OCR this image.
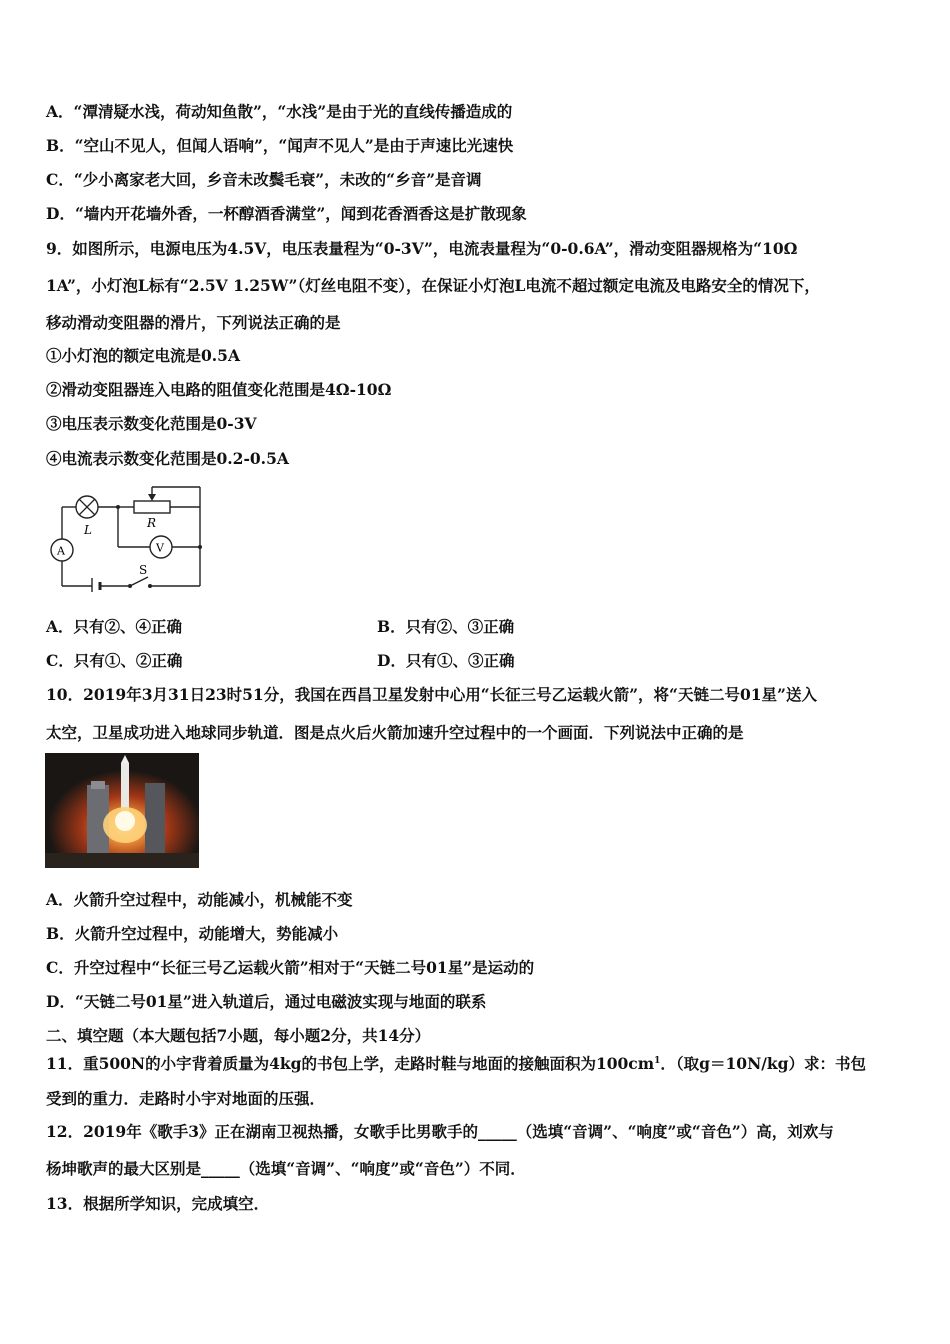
A．“潭清疑水浅，荷动知鱼散”，“水浅”是由于光的直线传播造成的
B．“空山不见人，但闻人语响”，“闻声不见人”是由于声速比光速快
C．“少小离家老大回，乡音未改鬓毛衰”，未改的“乡音”是音调
D．“墙内开花墙外香，一杯醇酒香满堂”，闻到花香酒香这是扩散现象
9．如图所示，电源电压为4.5V，电压表量程为“0-3V”，电流表量程为“0-0.6A”，滑动变阻器规格为“10Ω
1A”，小灯泡L标有“2.5V 1.25W”（灯丝电阻不变），在保证小灯泡L电流不超过额定电流及电路安全的情况下，
移动滑动变阻器的滑片，下列说法正确的是
①小灯泡的额定电流是0.5A
②滑动变阻器连入电路的阻值变化范围是4Ω-10Ω
③电压表示数变化范围是0-3V
④电流表示数变化范围是0.2-0.5A
L	R
V
A
S
A．只有②、④正确	B．只有②、③正确
C．只有①、②正确	D．只有①、③正确
10．2019年3月31日23时51分，我国在西昌卫星发射中心用“长征三号乙运载火箭”，将“天链二号01星”送入
太空，卫星成功进入地球同步轨道．图是点火后火箭加速升空过程中的一个画面．下列说法中正确的是
A．火箭升空过程中，动能减小，机械能不变
B．火箭升空过程中，动能增大，势能减小
C．升空过程中“长征三号乙运载火箭”相对于“天链二号01星”是运动的
D．“天链二号01星”进入轨道后，通过电磁波实现与地面的联系
二、填空题（本大题包括7小题，每小题2分，共14分）
11．重500N的小宇背着质量为4kg的书包上学，走路时鞋与地面的接触面积为$100cm^1$．（取g＝10N/kg）求：书包
受到的重力．走路时小宇对地面的压强．
12．2019年《歌手3》正在湖南卫视热播，女歌手比男歌手的_____（选填“音调”、“响度”或“音色”）高，刘欢与
杨坤歌声的最大区别是_____（选填“音调”、“响度”或“音色”）不同．
13．根据所学知识，完成填空．
